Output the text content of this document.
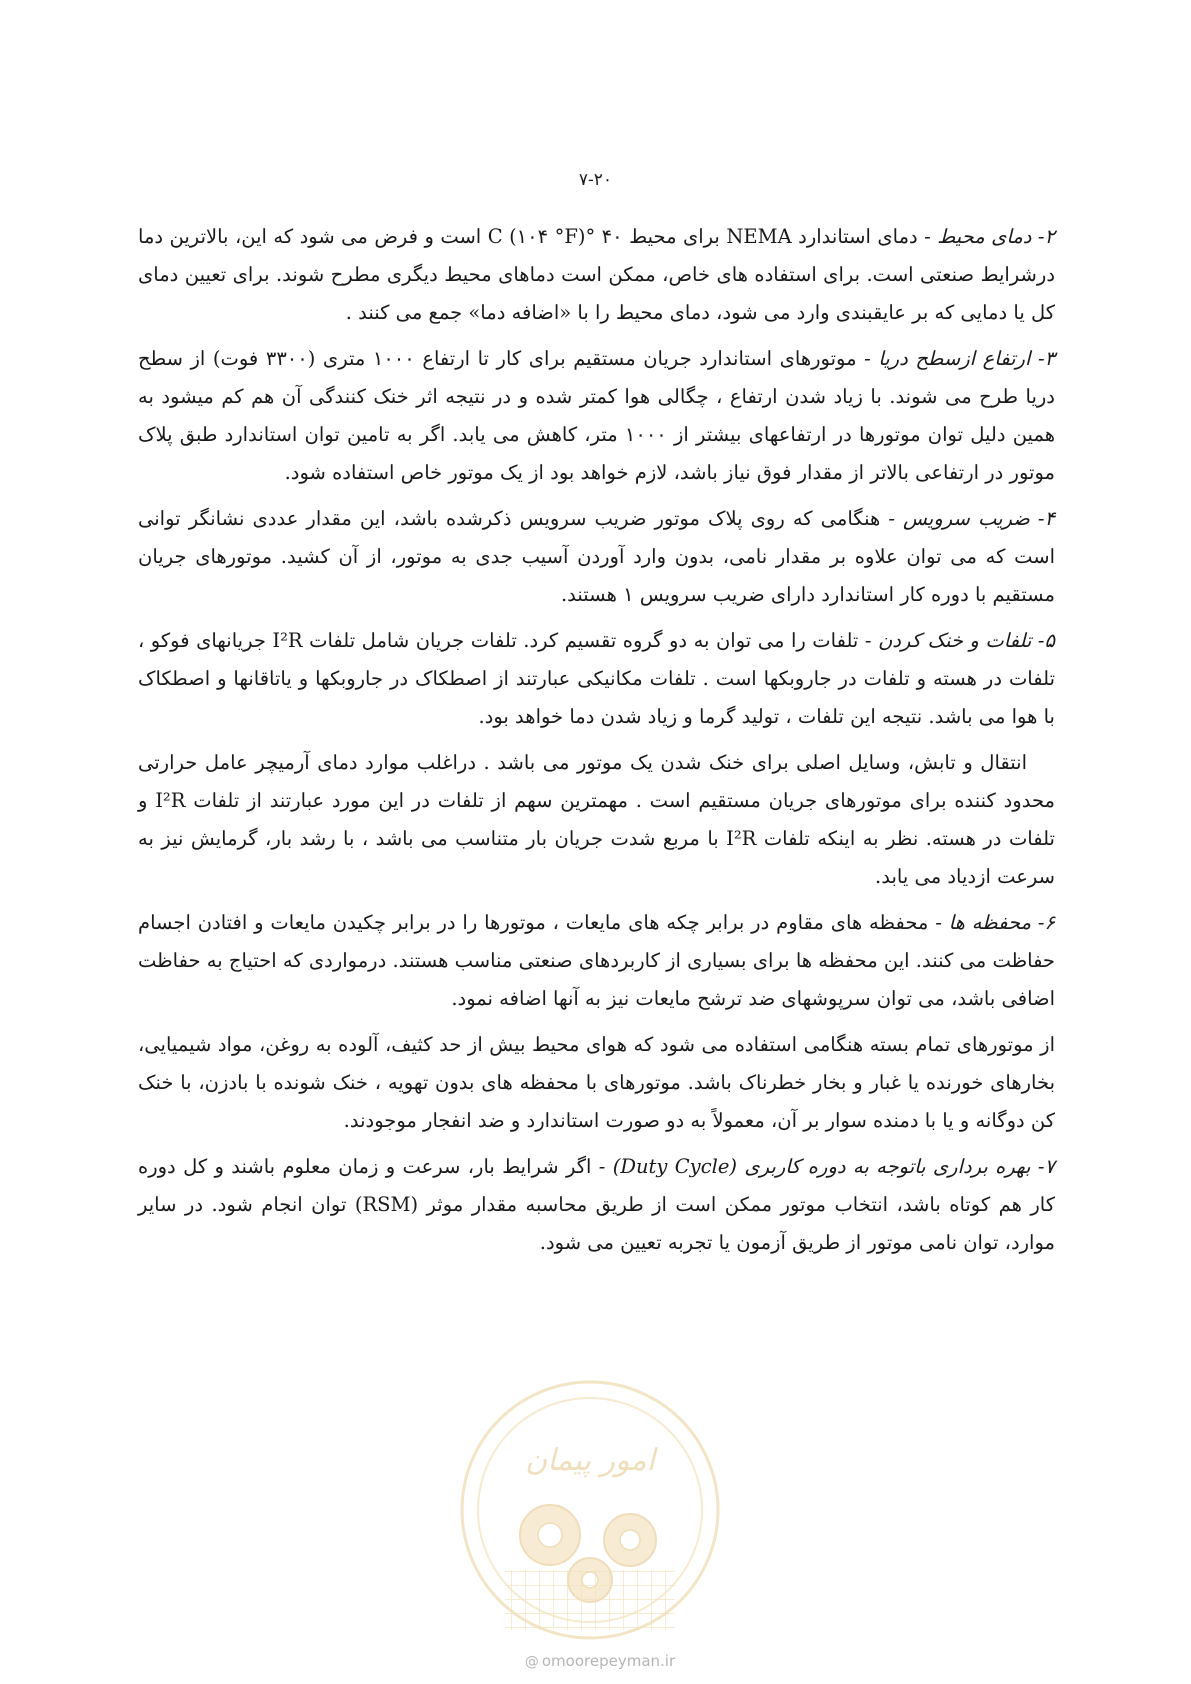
۷-۲۰

۲- دمای محیط - دمای استاندارد NEMA برای محیط ۴۰ °C (۱۰۴ °F) است و فرض می شود که این، بالاترین دما درشرایط صنعتی است. برای استفاده های خاص، ممکن است دماهای محیط دیگری مطرح شوند. برای تعیین دمای کل یا دمایی که بر عایقبندی وارد می شود، دمای محیط را با «اضافه دما» جمع می کنند .

۳- ارتفاع ازسطح دریا - موتورهای استاندارد جریان مستقیم برای کار تا ارتفاع ۱۰۰۰ متری (۳۳۰۰ فوت) از سطح دریا طرح می شوند. با زیاد شدن ارتفاع ، چگالی هوا کمتر شده و در نتیجه اثر خنک کنندگی آن هم کم میشود به همین دلیل توان موتورها در ارتفاعهای بیشتر از ۱۰۰۰ متر، کاهش می یابد. اگر به تامین توان استاندارد طبق پلاک موتور در ارتفاعی بالاتر از مقدار فوق نیاز باشد، لازم خواهد بود از یک موتور خاص استفاده شود.

۴- ضریب سرویس - هنگامی که روی پلاک موتور ضریب سرویس ذکرشده باشد، این مقدار عددی نشانگر توانی است که می توان علاوه بر مقدار نامی، بدون وارد آوردن آسیب جدی به موتور، از آن کشید. موتورهای جریان مستقیم با دوره کار استاندارد دارای ضریب سرویس ۱ هستند.

۵- تلفات و خنک کردن - تلفات را می توان به دو گروه تقسیم کرد. تلفات جریان شامل تلفات I²R جریانهای فوکو ، تلفات در هسته و تلفات در جاروبکها است . تلفات مکانیکی عبارتند از اصطکاک در جاروبکها و یاتاقانها و اصطکاک با هوا می باشد. نتیجه این تلفات ، تولید گرما و زیاد شدن دما خواهد بود.

انتقال و تابش، وسایل اصلی برای خنک شدن یک موتور می باشد . دراغلب موارد دمای آرمیچر عامل حرارتی محدود کننده برای موتورهای جریان مستقیم است . مهمترین سهم از تلفات در این مورد عبارتند از تلفات I²R و تلفات در هسته. نظر به اینکه تلفات I²R با مربع شدت جریان بار متناسب می باشد ، با رشد بار، گرمایش نیز به سرعت ازدیاد می یابد.

۶- محفظه ها - محفظه های مقاوم در برابر چکه های مایعات ، موتورها را در برابر چکیدن مایعات و افتادن اجسام حفاظت می کنند. این محفظه ها برای بسیاری از کاربردهای صنعتی مناسب هستند. درمواردی که احتیاج به حفاظت اضافی باشد، می توان سرپوشهای ضد ترشح مایعات نیز به آنها اضافه نمود.

از موتورهای تمام بسته هنگامی استفاده می شود که هوای محیط بیش از حد کثیف، آلوده به روغن، مواد شیمیایی، بخارهای خورنده یا غبار و بخار خطرناک باشد. موتورهای با محفظه های بدون تهویه ، خنک شونده با بادزن، با خنک کن دوگانه و یا با دمنده سوار بر آن، معمولاً به دو صورت استاندارد و ضد انفجار موجودند.

۷- بهره برداری باتوجه به دوره کاربری (Duty Cycle) - اگر شرایط بار، سرعت و زمان معلوم باشند و کل دوره کار هم کوتاه باشد، انتخاب موتور ممکن است از طریق محاسبه مقدار موثر (RSM) توان انجام شود. در سایر موارد، توان نامی موتور از طریق آزمون یا تجربه تعیین می شود.

امور پیمان
@ omoorepeyman.ir
